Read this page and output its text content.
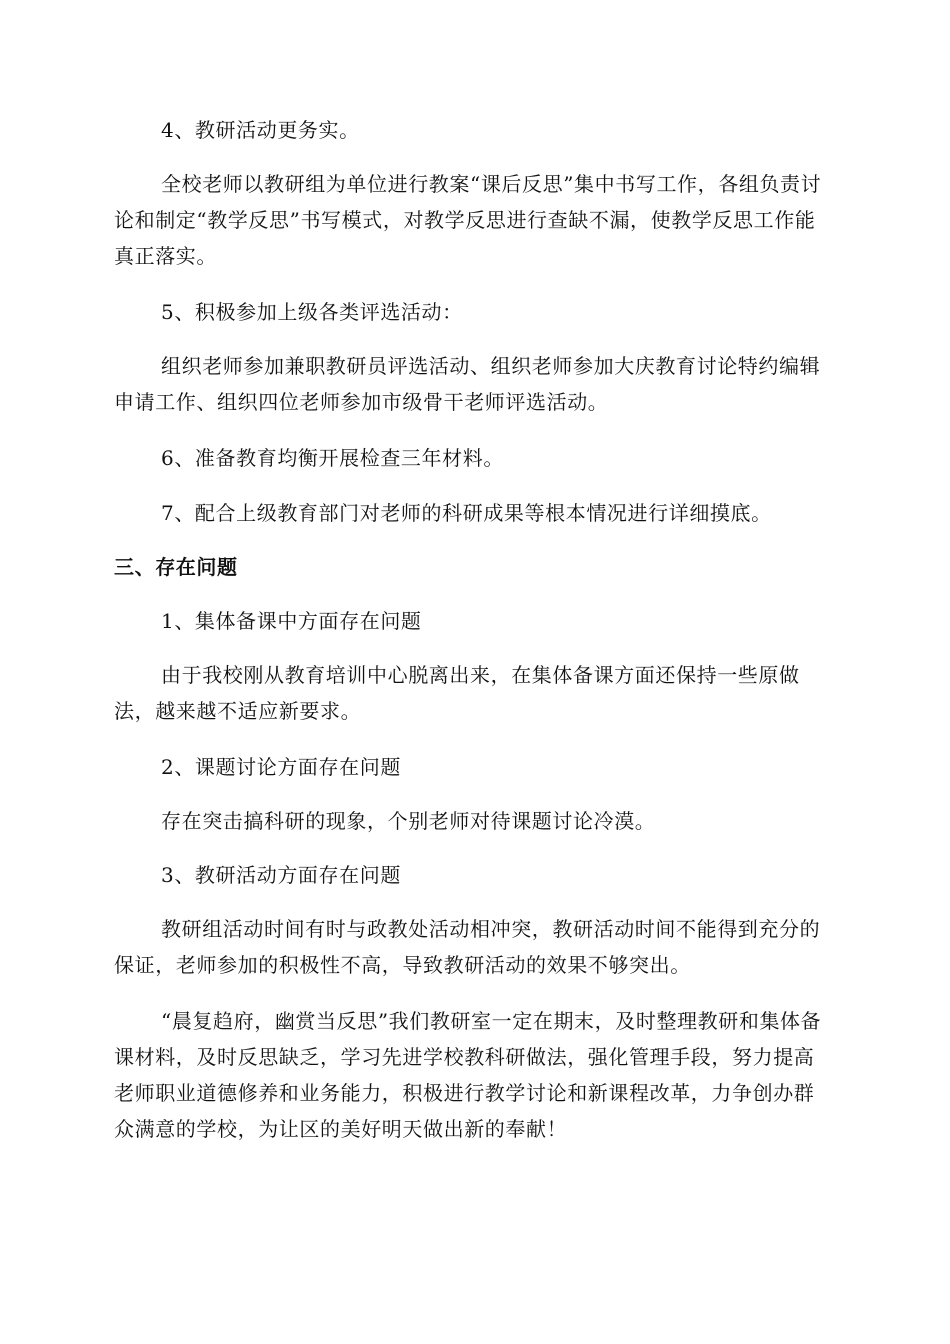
4、教研活动更务实。

全校老师以教研组为单位进行教案“课后反思”集中书写工作，各组负责讨论和制定“教学反思”书写模式，对教学反思进行查缺不漏，使教学反思工作能真正落实。

5、积极参加上级各类评选活动：

组织老师参加兼职教研员评选活动、组织老师参加大庆教育讨论特约编辑申请工作、组织四位老师参加市级骨干老师评选活动。

6、准备教育均衡开展检查三年材料。

7、配合上级教育部门对老师的科研成果等根本情况进行详细摸底。

三、存在问题

1、集体备课中方面存在问题

由于我校刚从教育培训中心脱离出来，在集体备课方面还保持一些原做法，越来越不适应新要求。

2、课题讨论方面存在问题

存在突击搞科研的现象，个别老师对待课题讨论冷漠。

3、教研活动方面存在问题

教研组活动时间有时与政教处活动相冲突，教研活动时间不能得到充分的保证，老师参加的积极性不高，导致教研活动的效果不够突出。

“晨复趋府，幽赏当反思”我们教研室一定在期末，及时整理教研和集体备课材料，及时反思缺乏，学习先进学校教科研做法，强化管理手段，努力提高老师职业道德修养和业务能力，积极进行教学讨论和新课程改革，力争创办群众满意的学校，为让区的美好明天做出新的奉献！
